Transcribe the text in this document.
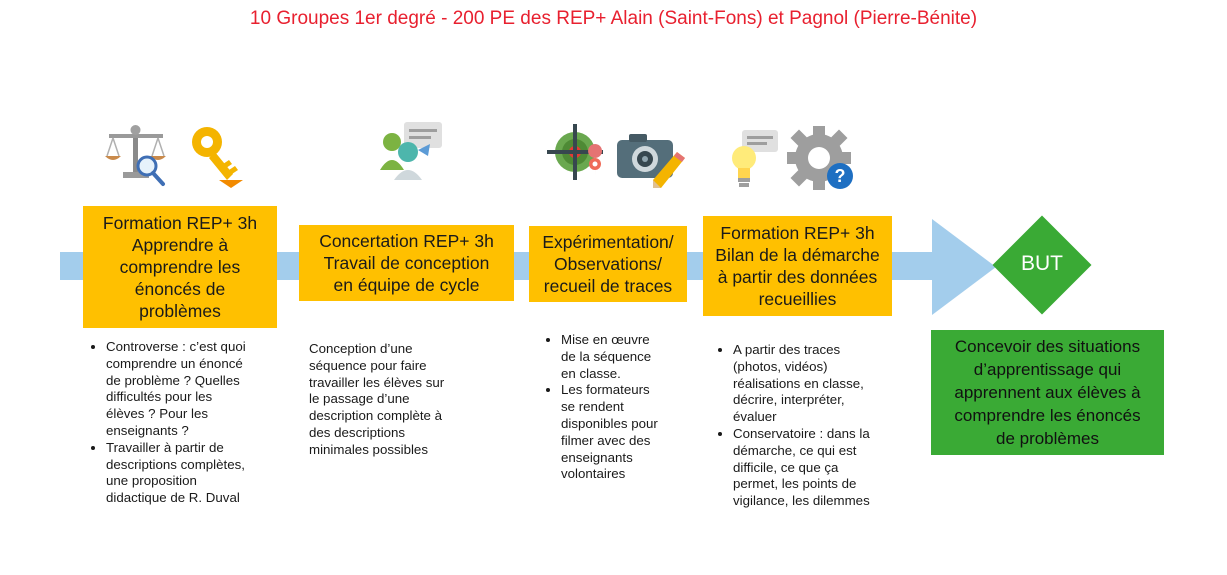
10 Groupes 1er degré - 200 PE des REP+ Alain (Saint-Fons) et Pagnol (Pierre-Bénite)
BUT
?
Formation REP+ 3h
Apprendre à
comprendre les
énoncés de
problèmes
Concertation REP+ 3h
Travail de conception
en équipe de cycle
Expérimentation/
Observations/
recueil de traces
Formation REP+ 3h
Bilan de la démarche
à partir des données
recueillies
Concevoir des situations
d’apprentissage qui
apprennent aux élèves à
comprendre les énoncés
de problèmes
• Controverse : c’est quoi
comprendre un énoncé
de problème ? Quelles
difficultés pour les
élèves ? Pour les
enseignants ?
• Travailler à partir de
descriptions complètes,
une proposition
didactique de R. Duval

Conception d’une
séquence pour faire
travailler les élèves sur
le passage d’une
description complète à
des descriptions
minimales possibles

• Mise en œuvre
de la séquence
en classe.
• Les formateurs
se rendent
disponibles pour
filmer avec des
enseignants
volontaires
• A partir des traces
(photos, vidéos)
réalisations en classe,
décrire, interpréter,
évaluer
• Conservatoire : dans la
démarche, ce qui est
difficile, ce que ça
permet, les points de
vigilance, les dilemmes
